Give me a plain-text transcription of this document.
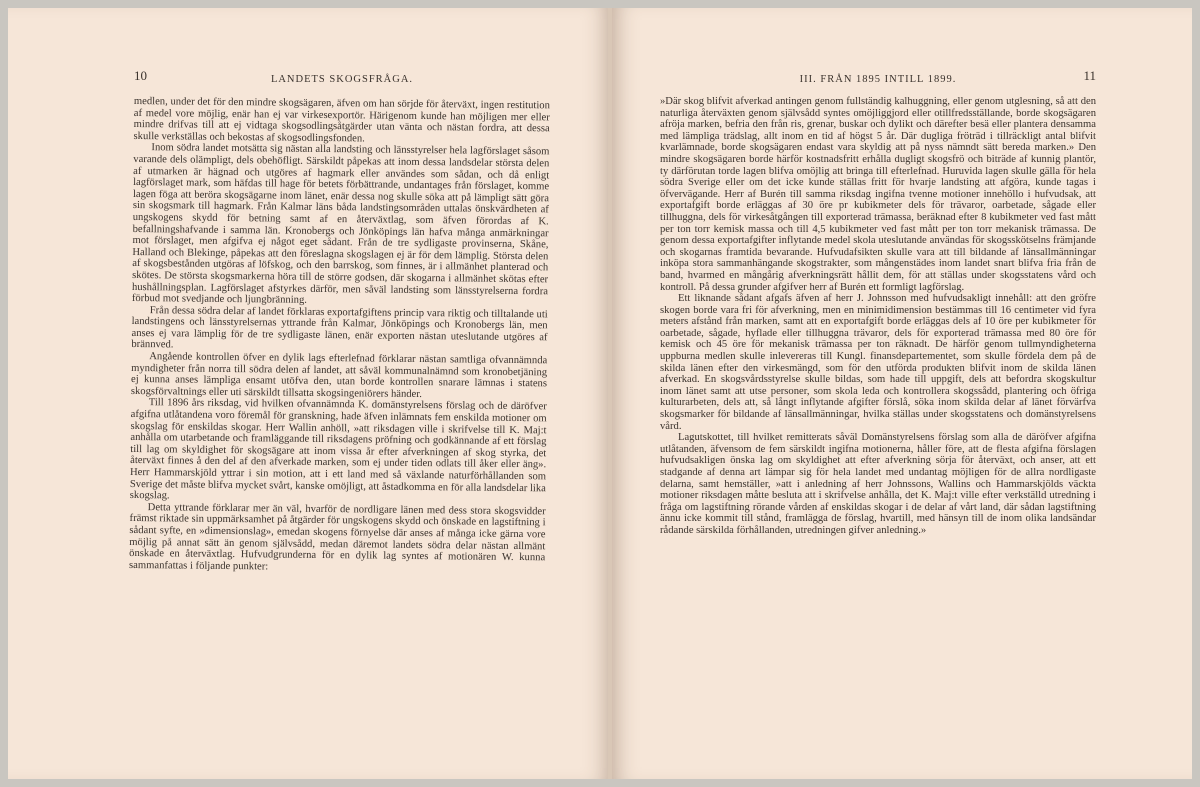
10	LANDETS SKOGSFRÅGA.

medlen, under det för den mindre skogsägaren, äfven om han sörjde för återväxt, ingen restitution af medel vore möjlig, enär han ej var virkesexportör. Härigenom kunde han möjligen mer eller mindre drifvas till att ej vidtaga skogsodlingsåtgärder utan vänta och nästan fordra, att dessa skulle verkställas och bekostas af skogsodlingsfonden.

Inom södra landet motsätta sig nästan alla landsting och länsstyrelser hela lagförslaget såsom varande dels olämpligt, dels obehöfligt. Särskildt påpekas att inom dessa landsdelar största delen af utmarken är hägnad och utgöres af hagmark eller användes som sådan, och då enligt lagförslaget mark, som häfdas till hage för betets förbättrande, undantages från förslaget, komme lagen föga att beröra skogsägarne inom länet, enär dessa nog skulle söka att på lämpligt sätt göra sin skogsmark till hagmark. Från Kalmar läns båda landstingsområden uttalas önskvärdheten af ungskogens skydd för betning samt af en återväxtlag, som äfven förordas af K. befallningshafvande i samma län. Kronobergs och Jönköpings län hafva många anmärkningar mot förslaget, men afgifva ej något eget sådant. Från de tre sydligaste provinserna, Skåne, Halland och Blekinge, påpekas att den föreslagna skogslagen ej är för dem lämplig. Största delen af skogsbestånden utgöras af löfskog, och den barrskog, som finnes, är i allmänhet planterad och skötes. De största skogsmarkerna höra till de större godsen, där skogarna i allmänhet skötas efter hushållningsplan. Lagförslaget afstyrkes därför, men såväl landsting som länsstyrelserna fordra förbud mot svedjande och ljungbränning.

Från dessa södra delar af landet förklaras exportafgiftens princip vara riktig och tilltalande uti landstingens och länsstyrelsernas yttrande från Kalmar, Jönköpings och Kronobergs län, men anses ej vara lämplig för de tre sydligaste länen, enär exporten nästan uteslutande utgöres af brännved.

Angående kontrollen öfver en dylik lags efterlefnad förklarar nästan samtliga ofvannämnda myndigheter från norra till södra delen af landet, att såväl kommunalnämnd som kronobetjäning ej kunna anses lämpliga ensamt utöfva den, utan borde kontrollen snarare lämnas i statens skogsförvaltnings eller uti särskildt tillsatta skogsingeniörers händer.

Till 1896 års riksdag, vid hvilken ofvannämnda K. domänstyrelsens förslag och de däröfver afgifna utlåtandena voro föremål för granskning, hade äfven inlämnats fem enskilda motioner om skogslag för enskildas skogar. Herr Wallin anhöll, »att riksdagen ville i skrifvelse till K. Maj:t anhålla om utarbetande och framläggande till riksdagens pröfning och godkännande af ett förslag till lag om skyldighet för skogsägare att inom vissa år efter afverkningen af skog styrka, det återväxt finnes å den del af den afverkade marken, som ej under tiden odlats till åker eller äng». Herr Hammarskjöld yttrar i sin motion, att i ett land med så växlande naturförhållanden som Sverige det måste blifva mycket svårt, kanske omöjligt, att åstadkomma en för alla landsdelar lika skogslag.

Detta yttrande förklarar mer än väl, hvarför de nordligare länen med dess stora skogsvidder främst riktade sin uppmärksamhet på åtgärder för ungskogens skydd och önskade en lagstiftning i sådant syfte, en »dimensionslag», emedan skogens förnyelse där anses af många icke gärna vore möjlig på annat sätt än genom självsådd, medan däremot landets södra delar nästan allmänt önskade en återväxtlag. Hufvudgrunderna för en dylik lag syntes af motionären W. kunna sammanfattas i följande punkter:

III. FRÅN 1895 INTILL 1899.	11

»Där skog blifvit afverkad antingen genom fullständig kalhuggning, eller genom utglesning, så att den naturliga återväxten genom självsådd syntes omöjliggjord eller otillfredsställande, borde skogsägaren afröja marken, befria den från ris, grenar, buskar och dylikt och därefter besä eller plantera densamma med lämpliga trädslag, allt inom en tid af högst 5 år. Där dugliga fröträd i tillräckligt antal blifvit kvarlämnade, borde skogsägaren endast vara skyldig att på nyss nämndt sätt bereda marken.» Den mindre skogsägaren borde härför kostnadsfritt erhålla dugligt skogsfrö och biträde af kunnig plantör, ty därförutan torde lagen blifva omöjlig att bringa till efterlefnad. Huruvida lagen skulle gälla för hela södra Sverige eller om det icke kunde ställas fritt för hvarje landsting att afgöra, kunde tagas i öfvervägande. Herr af Burén till samma riksdag ingifna tvenne motioner innehöllo i hufvudsak, att exportafgift borde erläggas af 30 öre pr kubikmeter dels för trävaror, oarbetade, sågade eller tillhuggna, dels för virkesåtgången till exporterad trämassa, beräknad efter 8 kubikmeter ved fast mått per ton torr kemisk massa och till 4,5 kubikmeter ved fast mått per ton torr mekanisk trämassa. De genom dessa exportafgifter inflytande medel skola uteslutande användas för skogsskötselns främjande och skogarnas framtida bevarande. Hufvudafsikten skulle vara att till bildande af länsallmänningar inköpa stora sammanhängande skogstrakter, som mångenstädes inom landet snart blifva fria från de band, hvarmed en mångårig afverkningsrätt hållit dem, för att ställas under skogsstatens vård och kontroll. På dessa grunder afgifver herr af Burén ett formligt lagförslag.

Ett liknande sådant afgafs äfven af herr J. Johnsson med hufvudsakligt innehåll: att den gröfre skogen borde vara fri för afverkning, men en minimidimension bestämmas till 16 centimeter vid fyra meters afstånd från marken, samt att en exportafgift borde erläggas dels af 10 öre per kubikmeter för oarbetade, sågade, hyflade eller tillhuggna trävaror, dels för exporterad trämassa med 80 öre för kemisk och 45 öre för mekanisk trämassa per ton räknadt. De härför genom tullmyndigheterna uppburna medlen skulle inlevereras till Kungl. finansdepartementet, som skulle fördela dem på de skilda länen efter den virkesmängd, som för den utförda produkten blifvit inom de skilda länen afverkad. En skogsvårdsstyrelse skulle bildas, som hade till uppgift, dels att befordra skogskultur inom länet samt att utse personer, som skola leda och kontrollera skogssådd, plantering och öfriga kulturarbeten, dels att, så långt inflytande afgifter förslå, söka inom skilda delar af länet förvärfva skogsmarker för bildande af länsallmänningar, hvilka ställas under skogsstatens och domänstyrelsens vård.

Lagutskottet, till hvilket remitterats såväl Domänstyrelsens förslag som alla de däröfver afgifna utlåtanden, äfvensom de fem särskildt ingifna motionerna, håller före, att de flesta afgifna förslagen hufvudsakligen önska lag om skyldighet att efter afverkning sörja för återväxt, och anser, att ett stadgande af denna art lämpar sig för hela landet med undantag möjligen för de allra nordligaste delarna, samt hemställer, »att i anledning af herr Johnssons, Wallins och Hammarskjölds väckta motioner riksdagen måtte besluta att i skrifvelse anhålla, det K. Maj:t ville efter verkställd utredning i fråga om lagstiftning rörande vården af enskildas skogar i de delar af vårt land, där sådan lagstiftning ännu icke kommit till stånd, framlägga de förslag, hvartill, med hänsyn till de inom olika landsändar rådande särskilda förhållanden, utredningen gifver anledning.»
